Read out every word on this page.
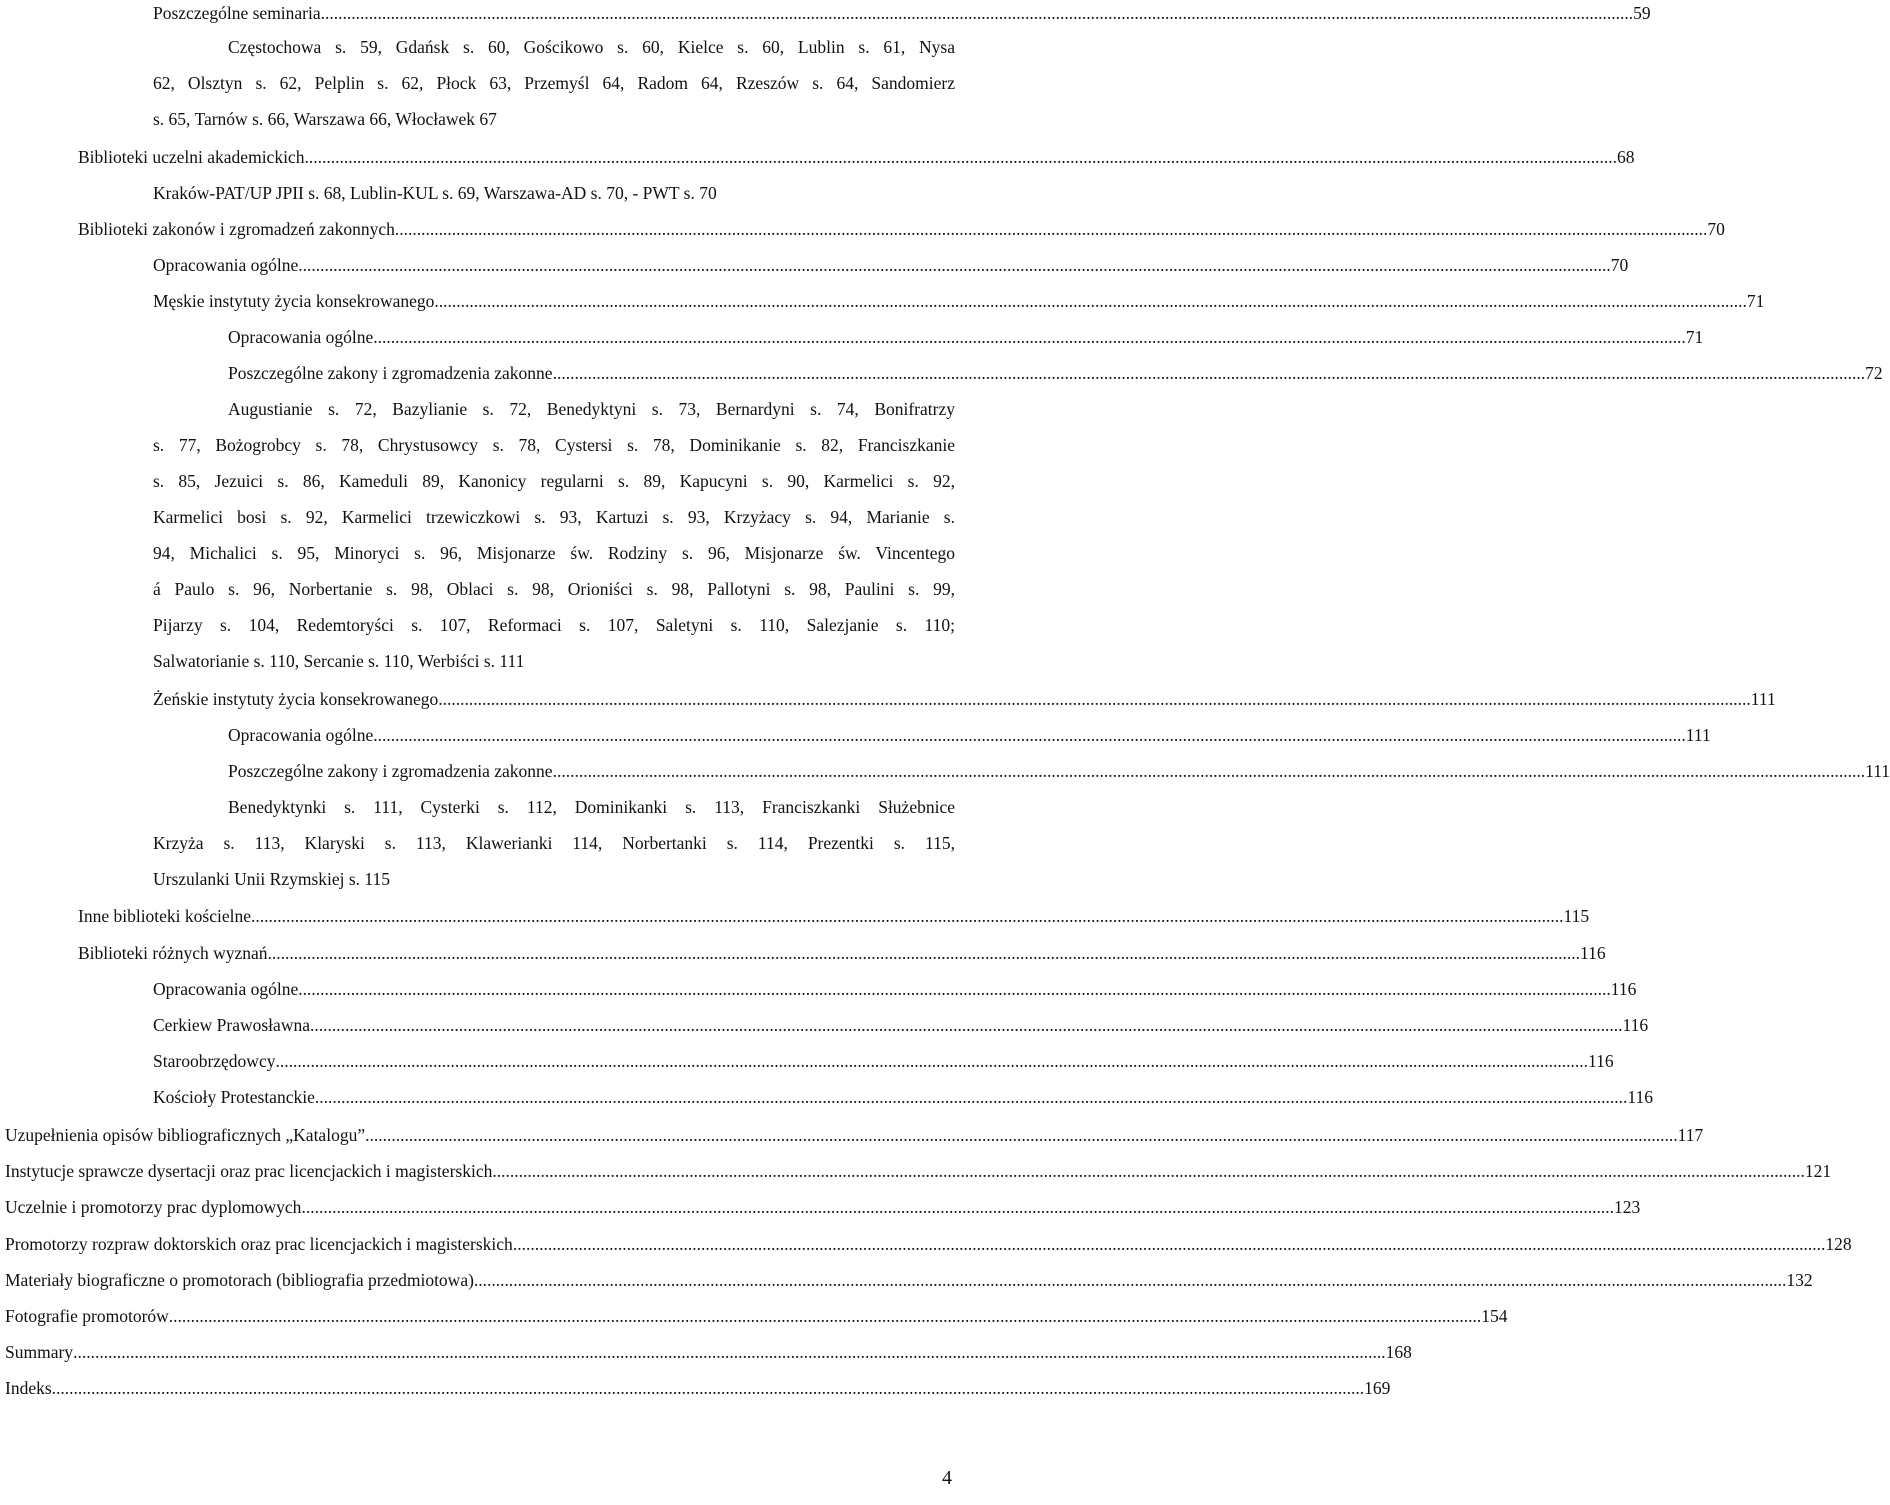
Poszczególne seminaria ............................................................................................................................................................................................................................................................................................................ 59
Częstochowa s. 59, Gdańsk s. 60, Gościkowo s. 60, Kielce s. 60, Lublin s. 61, Nysa
62, Olsztyn s. 62, Pelplin s. 62, Płock 63, Przemyśl 64, Radom 64, Rzeszów s. 64, Sandomierz
s. 65, Tarnów s. 66, Warszawa 66, Włocławek 67
Biblioteki uczelni akademickich ............................................................................................................................................................................................................................................................................................................ 68
Kraków-PAT/UP JPII s. 68, Lublin-KUL s. 69, Warszawa-AD s. 70, - PWT s. 70
Biblioteki zakonów i zgromadzeń zakonnych ............................................................................................................................................................................................................................................................................................................ 70
Opracowania ogólne ............................................................................................................................................................................................................................................................................................................ 70
Męskie instytuty życia konsekrowanego ............................................................................................................................................................................................................................................................................................................ 71
Opracowania ogólne ............................................................................................................................................................................................................................................................................................................ 71
Poszczególne zakony i zgromadzenia zakonne ............................................................................................................................................................................................................................................................................................................ 72
Augustianie s. 72, Bazylianie s. 72, Benedyktyni s. 73, Bernardyni s. 74, Bonifratrzy
s. 77, Bożogrobcy s. 78, Chrystusowcy s. 78, Cystersi s. 78, Dominikanie s. 82, Franciszkanie
s. 85, Jezuici s. 86, Kameduli 89, Kanonicy regularni s. 89, Kapucyni s. 90, Karmelici s. 92,
Karmelici bosi s. 92, Karmelici trzewiczkowi s. 93, Kartuzi s. 93, Krzyżacy s. 94, Marianie s.
94, Michalici s. 95, Minoryci s. 96, Misjonarze św. Rodziny s. 96, Misjonarze św. Vincentego
á Paulo s. 96, Norbertanie s. 98, Oblaci s. 98, Orioniści s. 98, Pallotyni s. 98, Paulini s. 99,
Pijarzy s. 104, Redemtoryści s. 107, Reformaci s. 107, Saletyni s. 110, Salezjanie s. 110;
Salwatorianie s. 110, Sercanie s. 110, Werbiści s. 111
Żeńskie instytuty życia konsekrowanego ............................................................................................................................................................................................................................................................................................................ 111
Opracowania ogólne ............................................................................................................................................................................................................................................................................................................ 111
Poszczególne zakony i zgromadzenia zakonne ............................................................................................................................................................................................................................................................................................................ 111
Benedyktynki s. 111, Cysterki s. 112, Dominikanki s. 113, Franciszkanki Służebnice
Krzyża s. 113, Klaryski s. 113, Klawerianki 114, Norbertanki s. 114, Prezentki s. 115,
Urszulanki Unii Rzymskiej s. 115
Inne biblioteki kościelne ............................................................................................................................................................................................................................................................................................................ 115
Biblioteki różnych wyznań ............................................................................................................................................................................................................................................................................................................ 116
Opracowania ogólne ............................................................................................................................................................................................................................................................................................................ 116
Cerkiew Prawosławna ............................................................................................................................................................................................................................................................................................................ 116
Staroobrzędowcy ............................................................................................................................................................................................................................................................................................................ 116
Kościoły Protestanckie ............................................................................................................................................................................................................................................................................................................ 116
Uzupełnienia opisów bibliograficznych „Katalogu” ............................................................................................................................................................................................................................................................................................................ 117
Instytucje sprawcze dysertacji oraz prac licencjackich i magisterskich ............................................................................................................................................................................................................................................................................................................ 121
Uczelnie i promotorzy prac dyplomowych ............................................................................................................................................................................................................................................................................................................ 123
Promotorzy rozpraw doktorskich oraz prac licencjackich i magisterskich ............................................................................................................................................................................................................................................................................................................ 128
Materiały biograficzne o promotorach (bibliografia przedmiotowa) ............................................................................................................................................................................................................................................................................................................ 132
Fotografie promotorów ............................................................................................................................................................................................................................................................................................................ 154
Summary ............................................................................................................................................................................................................................................................................................................ 168
Indeks ............................................................................................................................................................................................................................................................................................................ 169
4
